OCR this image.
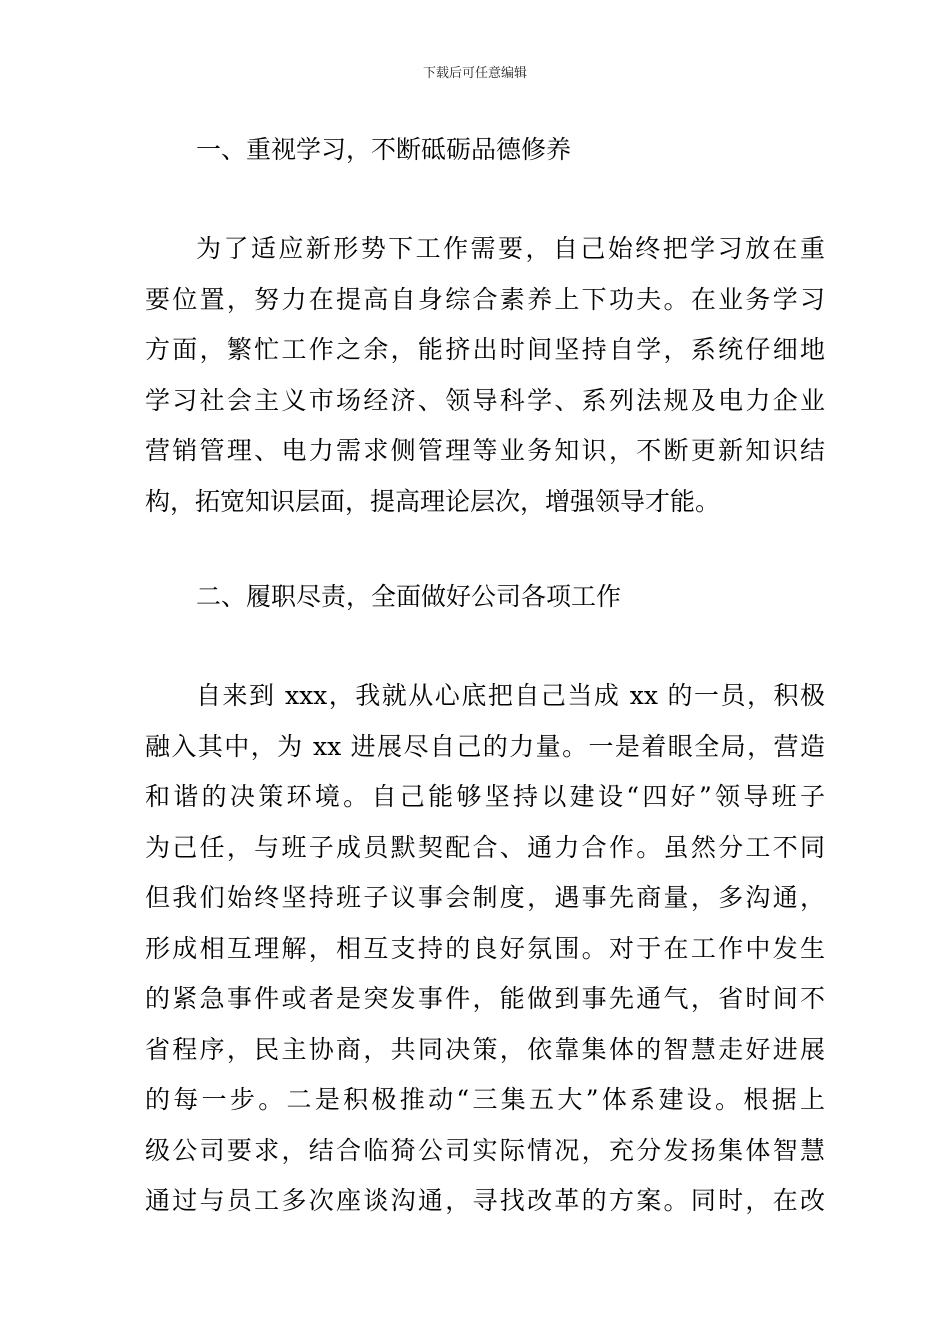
下载后可任意编辑
一、重视学习，不断砥砺品德修养
为了适应新形势下工作需要，自己始终把学习放在重
要位置，努力在提高自身综合素养上下功夫。在业务学习
方面，繁忙工作之余，能挤出时间坚持自学，系统仔细地
学习社会主义市场经济、领导科学、系列法规及电力企业
营销管理、电力需求侧管理等业务知识，不断更新知识结
构，拓宽知识层面，提高理论层次，增强领导才能。
二、履职尽责，全面做好公司各项工作
自来到 xxx，我就从心底把自己当成 xx 的一员，积极
融入其中，为 xx 进展尽自己的力量。一是着眼全局，营造
和谐的决策环境。自己能够坚持以建设“四好”领导班子
为己任，与班子成员默契配合、通力合作。虽然分工不同
但我们始终坚持班子议事会制度，遇事先商量，多沟通，
形成相互理解，相互支持的良好氛围。对于在工作中发生
的紧急事件或者是突发事件，能做到事先通气，省时间不
省程序，民主协商，共同决策，依靠集体的智慧走好进展
的每一步。二是积极推动“三集五大”体系建设。根据上
级公司要求，结合临猗公司实际情况，充分发扬集体智慧
通过与员工多次座谈沟通，寻找改革的方案。同时，在改
